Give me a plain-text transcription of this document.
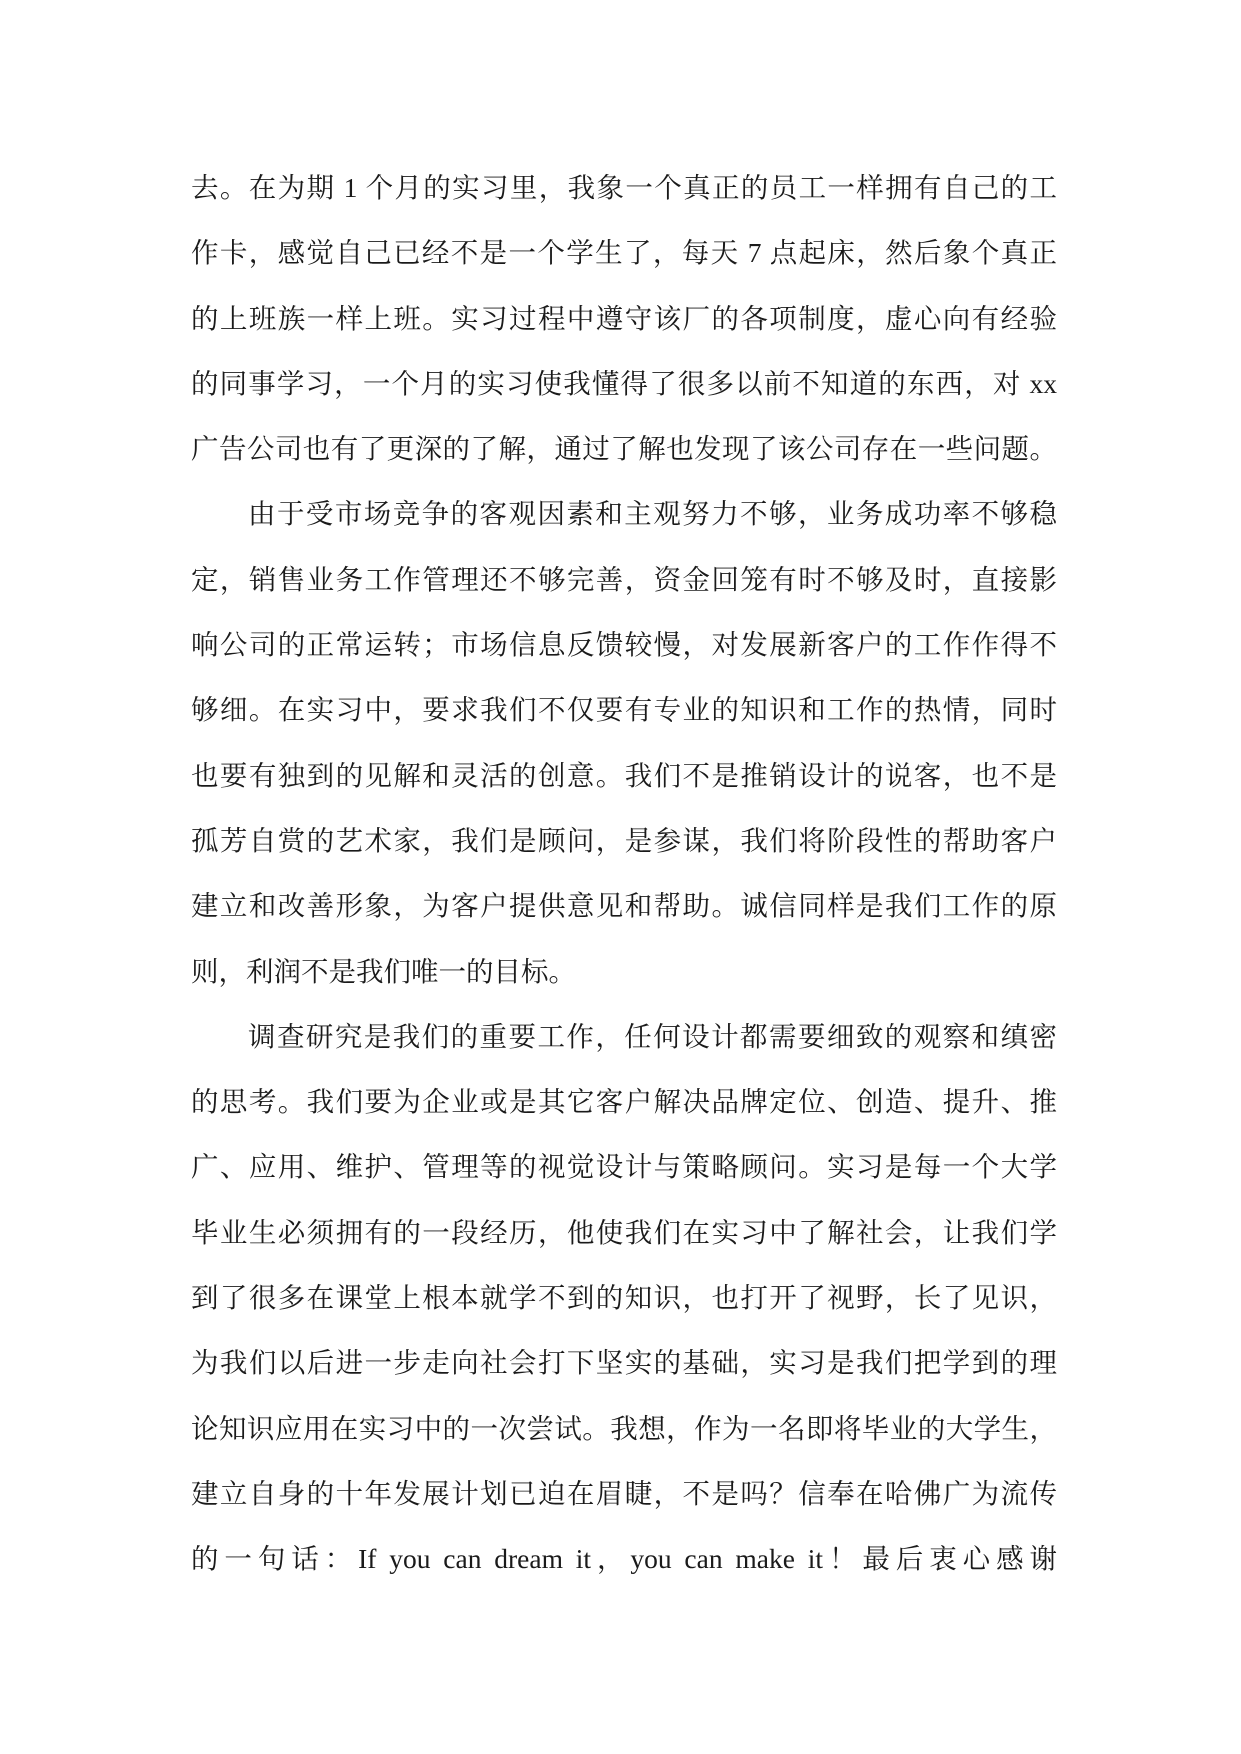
去。在为期 1 个月的实习里，我象一个真正的员工一样拥有自己的工
作卡，感觉自己已经不是一个学生了，每天 7 点起床，然后象个真正
的上班族一样上班。实习过程中遵守该厂的各项制度，虚心向有经验
的同事学习，一个月的实习使我懂得了很多以前不知道的东西，对 xx
广告公司也有了更深的了解，通过了解也发现了该公司存在一些问题。
由于受市场竞争的客观因素和主观努力不够，业务成功率不够稳
定，销售业务工作管理还不够完善，资金回笼有时不够及时，直接影
响公司的正常运转；市场信息反馈较慢，对发展新客户的工作作得不
够细。在实习中，要求我们不仅要有专业的知识和工作的热情，同时
也要有独到的见解和灵活的创意。我们不是推销设计的说客，也不是
孤芳自赏的艺术家，我们是顾问，是参谋，我们将阶段性的帮助客户
建立和改善形象，为客户提供意见和帮助。诚信同样是我们工作的原
则，利润不是我们唯一的目标。
调查研究是我们的重要工作，任何设计都需要细致的观察和缜密
的思考。我们要为企业或是其它客户解决品牌定位、创造、提升、推
广、应用、维护、管理等的视觉设计与策略顾问。实习是每一个大学
毕业生必须拥有的一段经历，他使我们在实习中了解社会，让我们学
到了很多在课堂上根本就学不到的知识，也打开了视野，长了见识，
为我们以后进一步走向社会打下坚实的基础，实习是我们把学到的理
论知识应用在实习中的一次尝试。我想，作为一名即将毕业的大学生，
建立自身的十年发展计划已迫在眉睫，不是吗？信奉在哈佛广为流传
的一句话：If you can dream it，you can make it！最后衷心感谢
